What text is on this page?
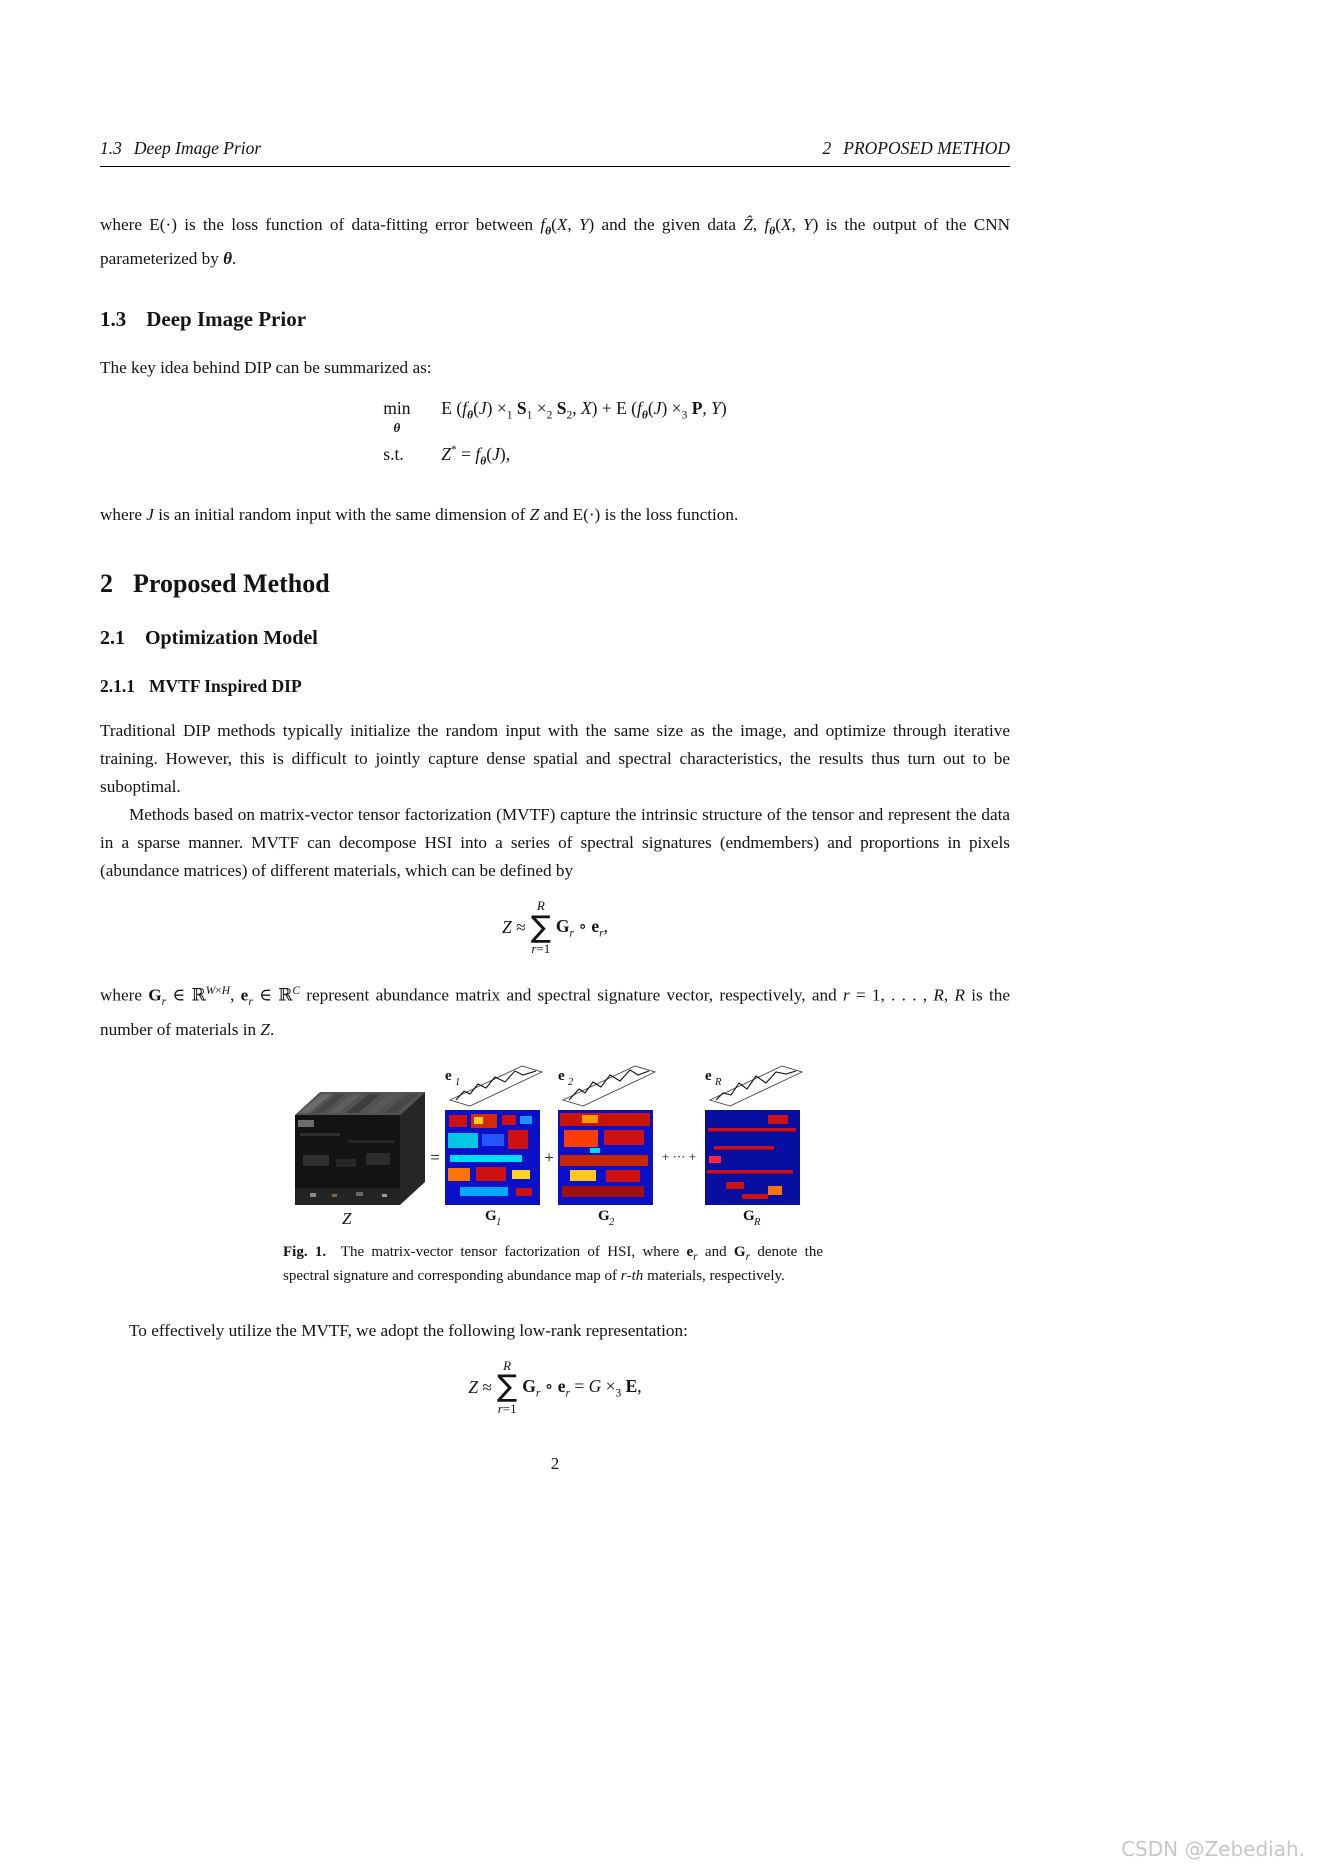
1.3 Deep Image Prior	2 PROPOSED METHOD

where E(·) is the loss function of data-fitting error between $f_\theta(X$, Y) and the given data Ẑ, $f_\theta(X$, Y) is the output of the CNN parameterized by θ.

1.3 Deep Image Prior

The key idea behind DIP can be summarized as:

min
θ
E ($f_\theta(J) \times_1$ $S_1 \times_2$ $S_2$, X) + E ($f_\theta(J) \times_3$ P, Y)
s.t.	$Z^* = f_\theta(J)$,

where J is an initial random input with the same dimension of Z and E(·) is the loss function.

2 Proposed Method
2.1 Optimization Model
2.1.1 MVTF Inspired DIP

Traditional DIP methods typically initialize the random input with the same size as the image, and optimize through iterative training. However, this is difficult to jointly capture dense spatial and spectral characteristics, the results thus turn out to be suboptimal.

Methods based on matrix-vector tensor factorization (MVTF) capture the intrinsic structure of the tensor and represent the data in a sparse manner. MVTF can decompose HSI into a series of spectral signatures (endmembers) and proportions in pixels (abundance matrices) of different materials, which can be defined by

Z ≈
R
∑
r=1
$G_r$ ∘ $e_r$,

where $G_r$ ∈ ℝ$^{W\times H}$, $e_r$ ∈ ℝ$^C$ represent abundance matrix and spectral signature vector, respectively, and r = 1, . . . , R, R is the number of materials in Z.

Z
=
e 1
G 1
+
e 2
G 2
+ ··· +
e R
G R

Fig. 1.  The matrix-vector tensor factorization of HSI, where $e_r$ and $G_r$ denote the spectral signature and corresponding abundance map of r-th materials, respectively.

To effectively utilize the MVTF, we adopt the following low-rank representation:

Z ≈
R
∑
r=1
$G_r$ ∘ $e_r = G \times_3$ E,
2
CSDN @Zebediah.
